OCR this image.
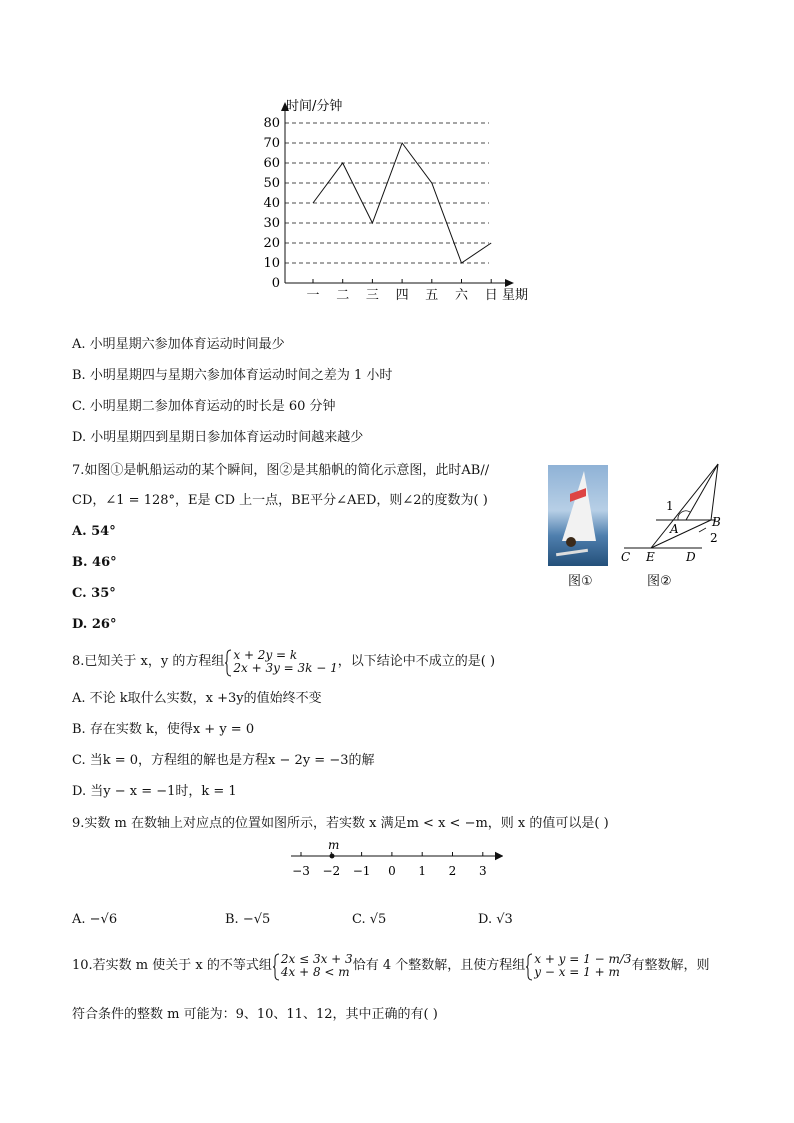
0
10
20
30
40
50
60
70
80
一 二 三 四 五 六 日
时间/分钟
星期
A. 小明星期六参加体育运动时间最少
B. 小明星期四与星期六参加体育运动时间之差为 1 小时
C. 小明星期二参加体育运动的时长是 60 分钟
D. 小明星期四到星期日参加体育运动时间越来越少
7.如图①是帆船运动的某个瞬间，图②是其船帆的简化示意图，此时AB//
CD，∠1 = 128°，E是 CD 上一点，BE平分∠AED，则∠2的度数为( )
A. 54°
B. 46°
C. 35°
D. 26°
图①
1
A	B
2
C E	D
图②
8.已知关于 x，y 的方程组 x + 2y = k
2x + 3y = 3k − 1 ，以下结论中不成立的是( )
A. 不论 k取什么实数，x +3y的值始终不变
B. 存在实数 k，使得x + y = 0
C. 当k = 0，方程组的解也是方程x − 2y = −3的解
D. 当y − x = −1时，k = 1
9.实数 m 在数轴上对应点的位置如图所示，若实数 x 满足m < x < −m，则 x 的值可以是( )
−3 −2 −1 0 1 2 3
m
A. −√6	B. −√5	C. √5	D. √3
10.若实数 m 使关于 x 的不等式组 2x ≤ 3x + 3
4x + 8 < m 恰有 4 个整数解，且使方程组 x + y = 1 − m/3
y − x = 1 + m 有整数解，则
符合条件的整数 m 可能为：9、10、11、12，其中正确的有( )
